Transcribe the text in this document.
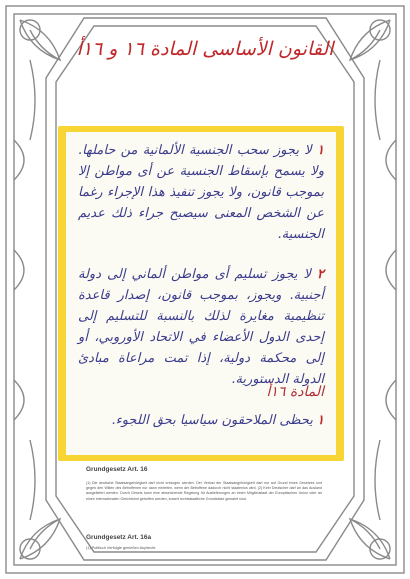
القانون الأساسى المادة ١٦ و ١٦أ
١ لا يجوز سحب الجنسية الألمانية من حاملها. ولا يسمح بإسقاط الجنسية عن أى مواطن إلا بموجب قانون، ولا يجوز تنفيذ هذا الإجراء رغما عن الشخص المعنى سيصبح جراء ذلك عديم الجنسية.
٢ لا يجوز تسليم أى مواطن ألماني إلى دولة أجنبية. ويجوز، بموجب قانون، إصدار قاعدة تنظيمية مغايرة لذلك بالنسبة للتسليم إلى إحدى الدول الأعضاء في الاتحاد الأوروبي، أو إلى محكمة دولية، إذا تمت مراعاة مبادئ الدولة الدستورية.
المادة ١٦أ
١ يحظى الملاحقون سياسيا بحق اللجوء.
Grundgesetz Art. 16
(1) Die deutsche Staatsangehörigkeit darf nicht entzogen werden. Der Verlust der Staatsangehörigkeit darf nur auf Grund eines Gesetzes und gegen den Willen des Betroffenen nur dann eintreten, wenn der Betroffene dadurch nicht staatenlos wird. (2) Kein Deutscher darf an das Ausland ausgeliefert werden. Durch Gesetz kann eine abweichende Regelung für Auslieferungen an einen Mitgliedstaat der Europäischen Union oder an einen internationalen Gerichtshof getroffen werden, soweit rechtsstaatliche Grundsätze gewahrt sind.
Grundgesetz Art. 16a
(1) Politisch Verfolgte genießen Asylrecht.
